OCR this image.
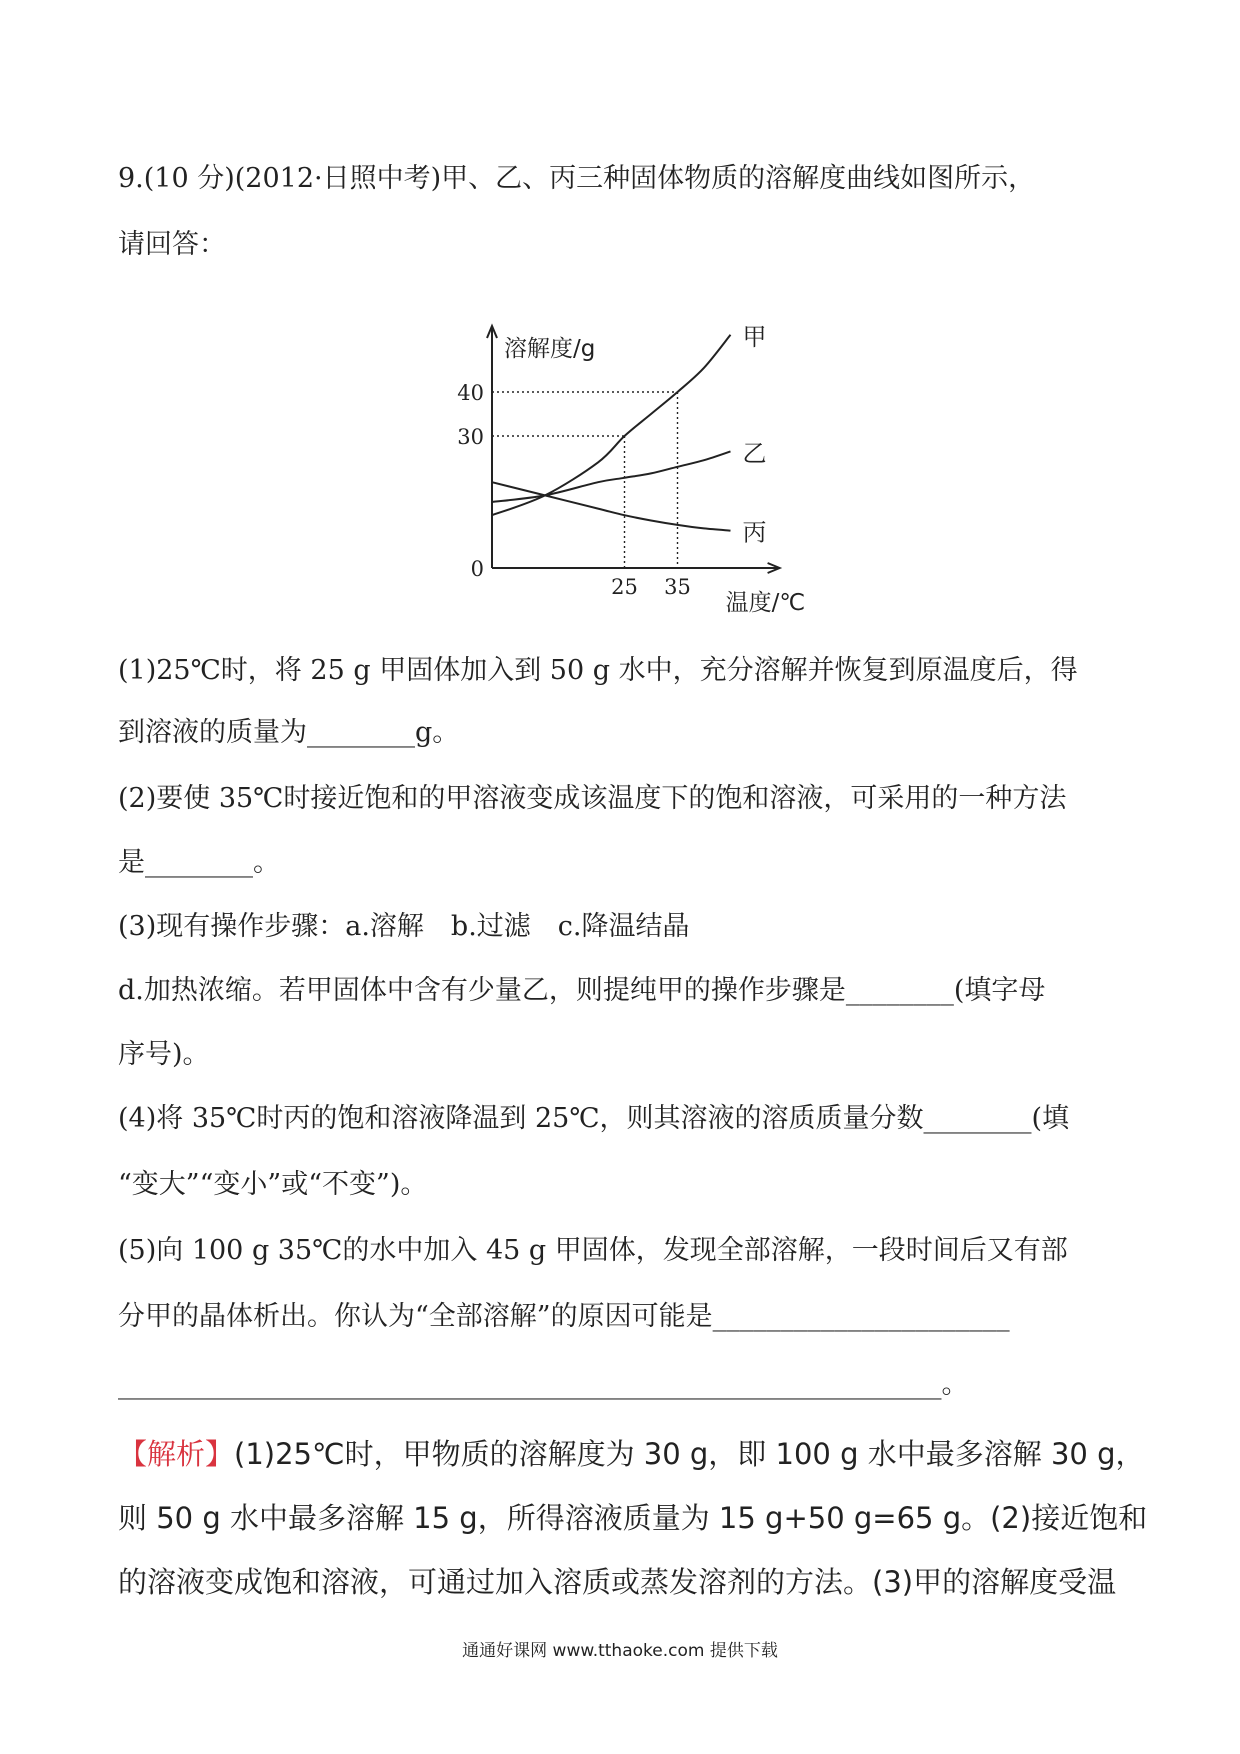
9.(10 分)(2012·日照中考)甲、乙、丙三种固体物质的溶解度曲线如图所示，
请回答：
甲
乙
丙
溶解度/g
温度/℃
0
30
40
25 35
(1)25℃时，将 25 g 甲固体加入到 50 g 水中，充分溶解并恢复到原温度后，得
到溶液的质量为________g。
(2)要使 35℃时接近饱和的甲溶液变成该温度下的饱和溶液，可采用的一种方法
是________。
(3)现有操作步骤：a.溶解　b.过滤　c.降温结晶
d.加热浓缩。若甲固体中含有少量乙，则提纯甲的操作步骤是________(填字母
序号)。
(4)将 35℃时丙的饱和溶液降温到 25℃，则其溶液的溶质质量分数________(填
“变大”“变小”或“不变”)。
(5)向 100 g 35℃的水中加入 45 g 甲固体，发现全部溶解，一段时间后又有部
分甲的晶体析出。你认为“全部溶解”的原因可能是______________________
_____________________________________________________________。
【解析】(1)25℃时，甲物质的溶解度为 30 g，即 100 g 水中最多溶解 30 g，
则 50 g 水中最多溶解 15 g，所得溶液质量为 15 g+50 g=65 g。(2)接近饱和
的溶液变成饱和溶液，可通过加入溶质或蒸发溶剂的方法。(3)甲的溶解度受温
通通好课网 www.tthaoke.com 提供下载
